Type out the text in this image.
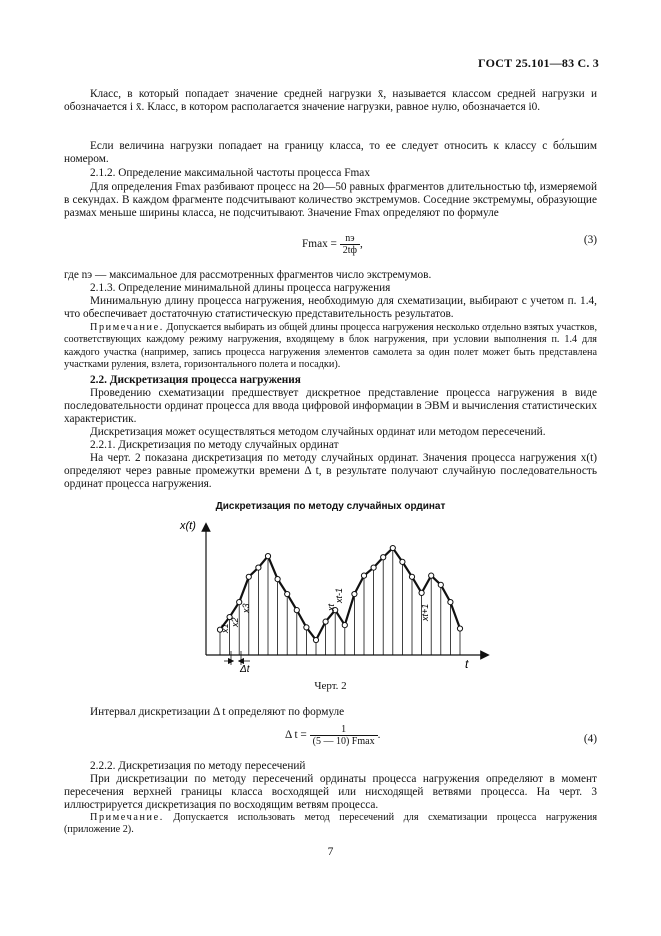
ГОСТ 25.101—83 С. 3
Класс, в который попадает значение средней нагрузки x̄, называется классом средней нагрузки и обозначается i x̄. Класс, в котором располагается значение нагрузки, равное нулю, обозначается i0.
Если величина нагрузки попадает на границу класса, то ее следует относить к классу с бо́льшим номером.
2.1.2. Определение максимальной частоты процесса Fmax
Для определения Fmax разбивают процесс на 20—50 равных фрагментов длительностью tф, измеряемой в секундах. В каждом фрагменте подсчитывают количество экстремумов. Соседние экстремумы, образующие размах меньше ширины класса, не подсчитывают. Значение Fmax определяют по формуле
$Fmax = \frac{nэ}{2tф}$ ,	(3)
где nэ — максимальное для рассмотренных фрагментов число экстремумов.
2.1.3. Определение минимальной длины процесса нагружения
Минимальную длину процесса нагружения, необходимую для схематизации, выбирают с учетом п. 1.4, что обеспечивает достаточную статистическую представительность результатов.
Примечание. Допускается выбирать из общей длины процесса нагружения несколько отдельно взятых участков, соответствующих каждому режиму нагружения, входящему в блок нагружения, при условии выполнения п. 1.4 для каждого участка (например, запись процесса нагружения элементов самолета за один полет может быть представлена участками руления, взлета, горизонтального полета и посадки).
2.2. Дискретизация процесса нагружения
Проведению схематизации предшествует дискретное представление процесса нагружения в виде последовательности ординат процесса для ввода цифровой информации в ЭВМ и вычисления статистических характеристик.
Дискретизация может осуществляться методом случайных ординат или методом пересечений.
2.2.1. Дискретизация по методу случайных ординат
На черт. 2 показана дискретизация по методу случайных ординат. Значения процесса нагружения x(t) определяют через равные промежутки времени Δ t, в результате получают случайную последовательность ординат процесса нагружения.
Дискретизация по методу случайных ординат
x(t)
t
Δt
x1
x2
x3	xt
xt-1
xt+1
Черт. 2
Интервал дискретизации Δ t определяют по формуле
Δ $t = \frac{1}{(5 — 10) Fmax}$ .	(4)
2.2.2. Дискретизация по методу пересечений
При дискретизации по методу пересечений ординаты процесса нагружения определяют в момент пересечения верхней границы класса восходящей или нисходящей ветвями процесса. На черт. 3 иллюстрируется дискретизация по восходящим ветвям процесса.
Примечание. Допускается использовать метод пересечений для схематизации процесса нагружения (приложение 2).
7
